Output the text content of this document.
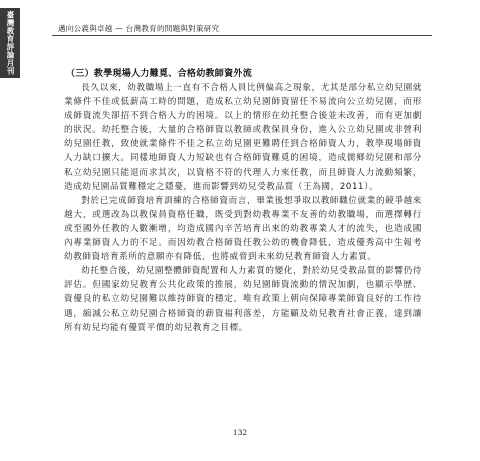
臺灣教育評論月刊	邁向公義與卓越 — 台灣教育的問題與對策研究
（三）教學現場人力難覓、合格幼教師資外流

長久以來，幼教職場上一直有不合格人員比例偏高之現象，尤其是部分私立幼兒園就業條件不佳或低薪高工時的問題，造成私立幼兒園師資留任不易流向公立幼兒園，而形成師資流失卻招不到合格人力的困境。以上的情形在幼托整合後並未改善，而有更加劇的狀況。幼托整合後，大量的合格師資以教師或教保員身份，進入公立幼兒園或非營利幼兒園任教，致使就業條件不佳之私立幼兒園更難聘任到合格師資人力，教學現場師資人力缺口擴大。同樣地師資人力短缺也有合格師資難覓的困境，造成儒鄉幼兒園和部分私立幼兒園只能退而求其次，以資格不符的代理人力來任教，而且師資人力流動頻繁，造成幼兒園品質難穩定之隱憂，進而影響到幼兒受教品質（王為國，2011）。

對於已完成師資培育訓練的合格師資而言，畢業後想爭取以教師職位就業的競爭越來越大，或選改為以教保員資格任職，既受到對幼教專業不友善的幼教職場，而選擇轉行或至國外任教的人數漸增，均造成國內辛苦培育出來的幼教專業人才的流失，也造成國內專業師資人力的不足。而因幼教合格師資任教公幼的機會降低，造成優秀高中生報考幼教師資培育系所的意願亦有降低，也將威脅到未來幼兒教育師資人力素質。

幼托整合後，幼兒園整體師資配置和人力素質的變化，對於幼兒受教品質的影響仍待評估。但國家幼兒教育公共化政策的推展，幼兒園師資流動的情況加劇，也顯示學歷、資優良的私立幼兒園難以維持師資的穩定，唯有政策上朝向保障專業師資良好的工作待遇，縮減公私立幼兒園合格師資的薪資福利落差，方能顧及幼兒教育社會正義，達到讓所有幼兒均能有優質平價的幼兒教育之目標。

132
